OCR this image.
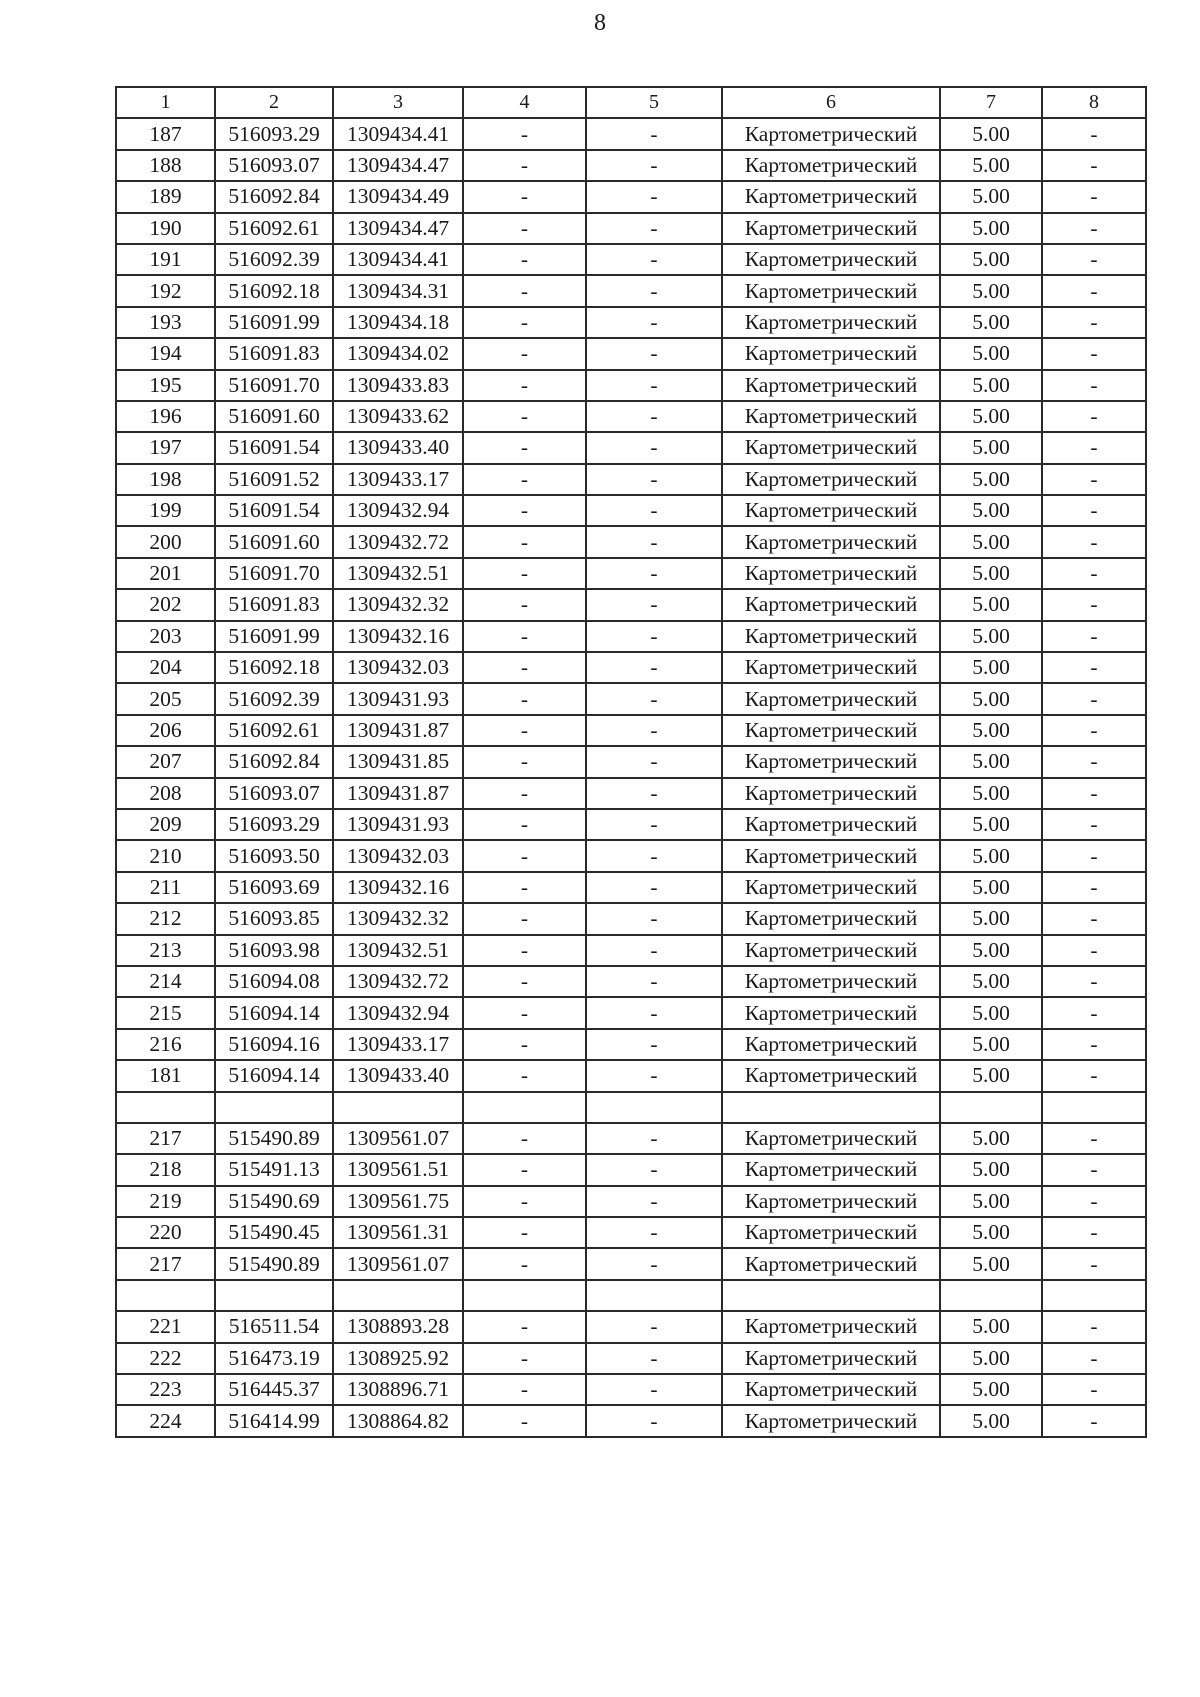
8
1	2	3	4	5	6	7	8
187	516093.29	1309434.41	-	-	Картометрический	5.00	-
188	516093.07	1309434.47	-	-	Картометрический	5.00	-
189	516092.84	1309434.49	-	-	Картометрический	5.00	-
190	516092.61	1309434.47	-	-	Картометрический	5.00	-
191	516092.39	1309434.41	-	-	Картометрический	5.00	-
192	516092.18	1309434.31	-	-	Картометрический	5.00	-
193	516091.99	1309434.18	-	-	Картометрический	5.00	-
194	516091.83	1309434.02	-	-	Картометрический	5.00	-
195	516091.70	1309433.83	-	-	Картометрический	5.00	-
196	516091.60	1309433.62	-	-	Картометрический	5.00	-
197	516091.54	1309433.40	-	-	Картометрический	5.00	-
198	516091.52	1309433.17	-	-	Картометрический	5.00	-
199	516091.54	1309432.94	-	-	Картометрический	5.00	-
200	516091.60	1309432.72	-	-	Картометрический	5.00	-
201	516091.70	1309432.51	-	-	Картометрический	5.00	-
202	516091.83	1309432.32	-	-	Картометрический	5.00	-
203	516091.99	1309432.16	-	-	Картометрический	5.00	-
204	516092.18	1309432.03	-	-	Картометрический	5.00	-
205	516092.39	1309431.93	-	-	Картометрический	5.00	-
206	516092.61	1309431.87	-	-	Картометрический	5.00	-
207	516092.84	1309431.85	-	-	Картометрический	5.00	-
208	516093.07	1309431.87	-	-	Картометрический	5.00	-
209	516093.29	1309431.93	-	-	Картометрический	5.00	-
210	516093.50	1309432.03	-	-	Картометрический	5.00	-
211	516093.69	1309432.16	-	-	Картометрический	5.00	-
212	516093.85	1309432.32	-	-	Картометрический	5.00	-
213	516093.98	1309432.51	-	-	Картометрический	5.00	-
214	516094.08	1309432.72	-	-	Картометрический	5.00	-
215	516094.14	1309432.94	-	-	Картометрический	5.00	-
216	516094.16	1309433.17	-	-	Картометрический	5.00	-
181	516094.14	1309433.40	-	-	Картометрический	5.00	-

217	515490.89	1309561.07	-	-	Картометрический	5.00	-
218	515491.13	1309561.51	-	-	Картометрический	5.00	-
219	515490.69	1309561.75	-	-	Картометрический	5.00	-
220	515490.45	1309561.31	-	-	Картометрический	5.00	-
217	515490.89	1309561.07	-	-	Картометрический	5.00	-

221	516511.54	1308893.28	-	-	Картометрический	5.00	-
222	516473.19	1308925.92	-	-	Картометрический	5.00	-
223	516445.37	1308896.71	-	-	Картометрический	5.00	-
224	516414.99	1308864.82	-	-	Картометрический	5.00	-
